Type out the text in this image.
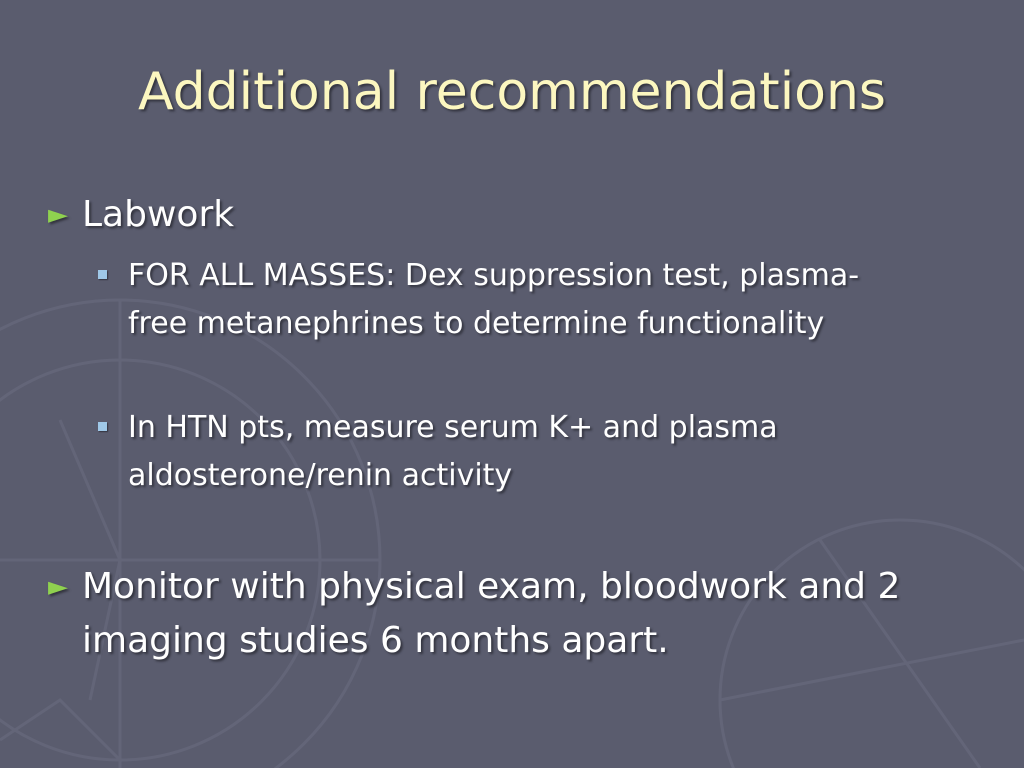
Additional recommendations
► Labwork
FOR ALL MASSES: Dex suppression test, plasma-free metanephrines to determine functionality
In HTN pts, measure serum K+ and plasma aldosterone/renin activity
► Monitor with physical exam, bloodwork and 2 imaging studies 6 months apart.
